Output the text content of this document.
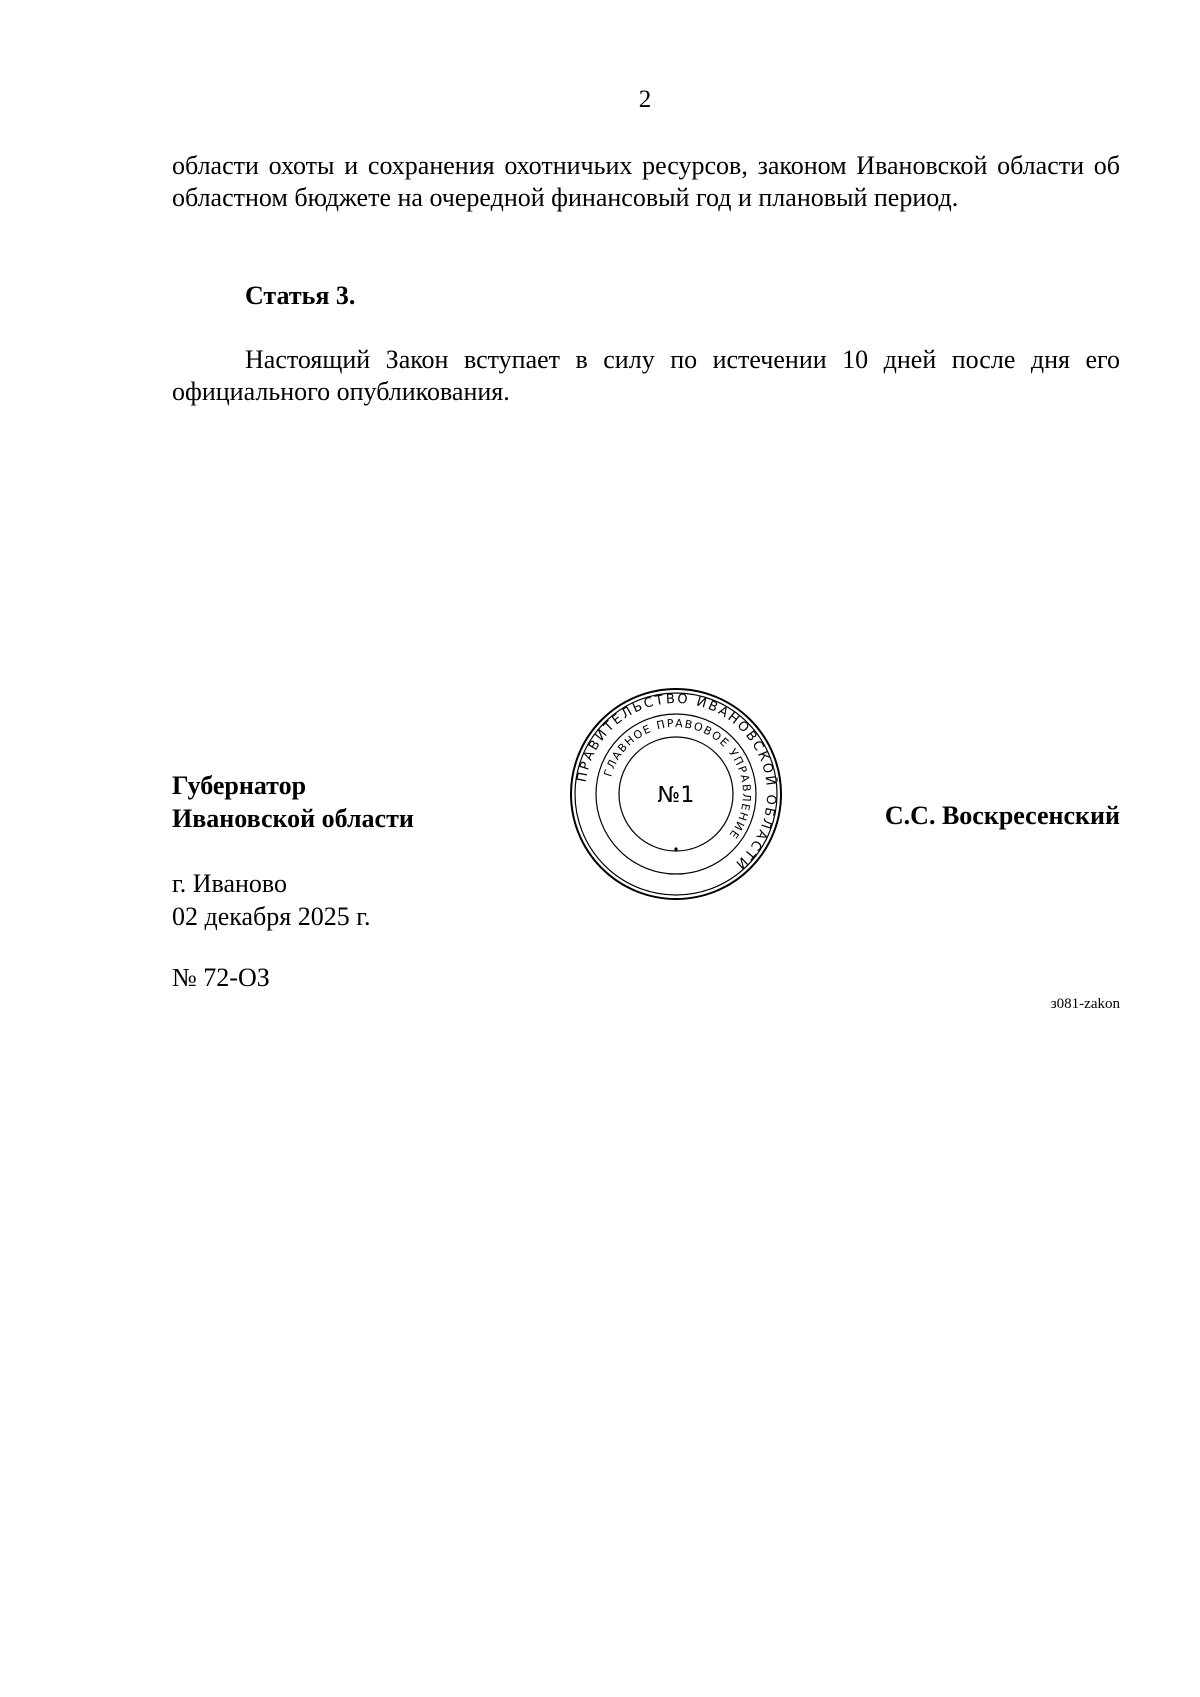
2
области охоты и сохранения охотничьих ресурсов, законом Ивановской области об областном бюджете на очередной финансовый год и плановый период.
Статья 3.
Настоящий Закон вступает в силу по истечении 10 дней после дня его официального опубликования.
Губернатор
Ивановской области
ПРАВИТЕЛЬСТВО ИВАНОВСКОЙ ОБЛАСТИ
ГЛАВНОЕ ПРАВОВОЕ УПРАВЛЕНИЕ
№1
С.С. Воскресенский
г. Иваново
02 декабря 2025 г.
№ 72-ОЗ
з081-zakon
